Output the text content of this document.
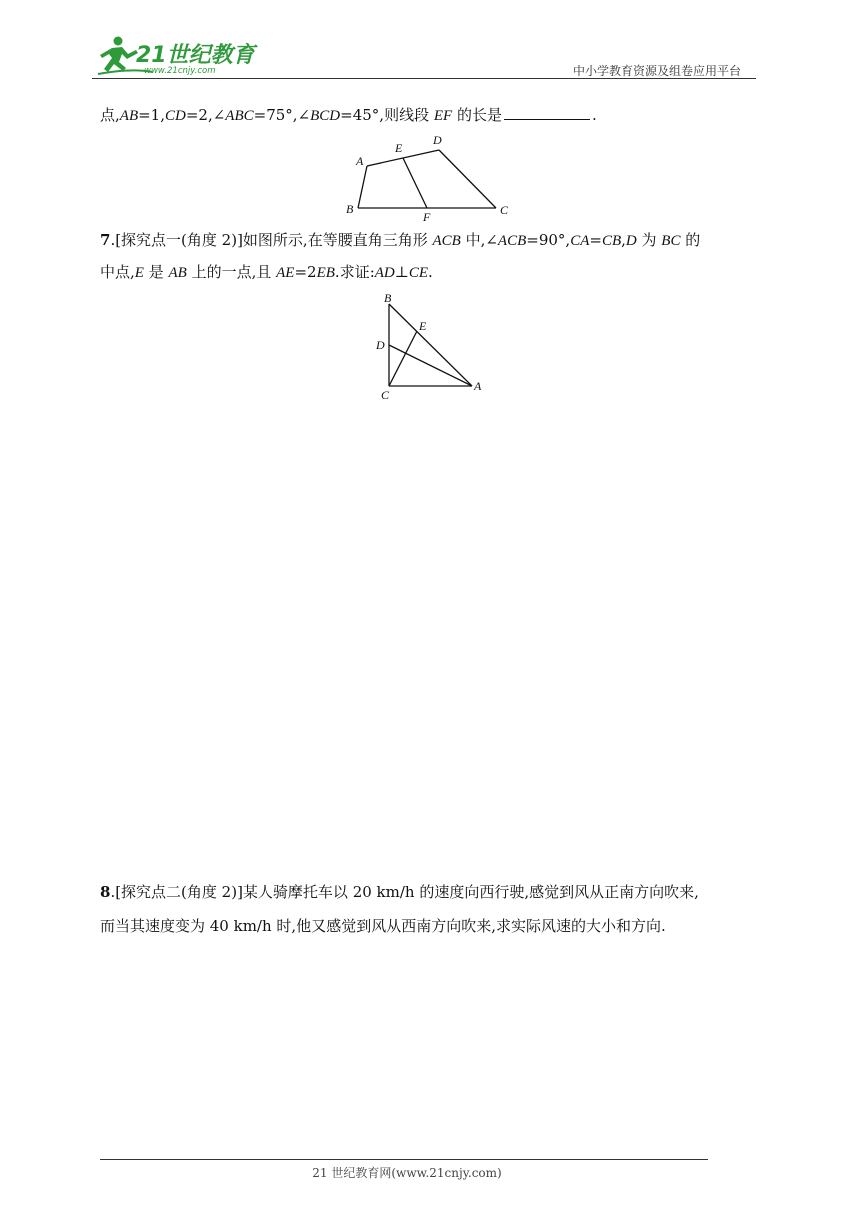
21世纪教育
www.21cnjy.com	中小学教育资源及组卷应用平台
点,AB=1,CD=2,∠ABC=75°,∠BCD=45°,则线段 EF 的长是	.
A
B	C
D
E
F
7.[探究点一(角度 2)]如图所示,在等腰直角三角形 ACB 中,∠ACB=90°,CA=CB,D 为 BC 的
中点,E 是 AB 上的一点,且 AE=2EB.求证:AD⊥CE.
B
E
D
C
A
8.[探究点二(角度 2)]某人骑摩托车以 20 km/h 的速度向西行驶,感觉到风从正南方向吹来,
而当其速度变为 40 km/h 时,他又感觉到风从西南方向吹来,求实际风速的大小和方向.
21 世纪教育网(www.21cnjy.com)
